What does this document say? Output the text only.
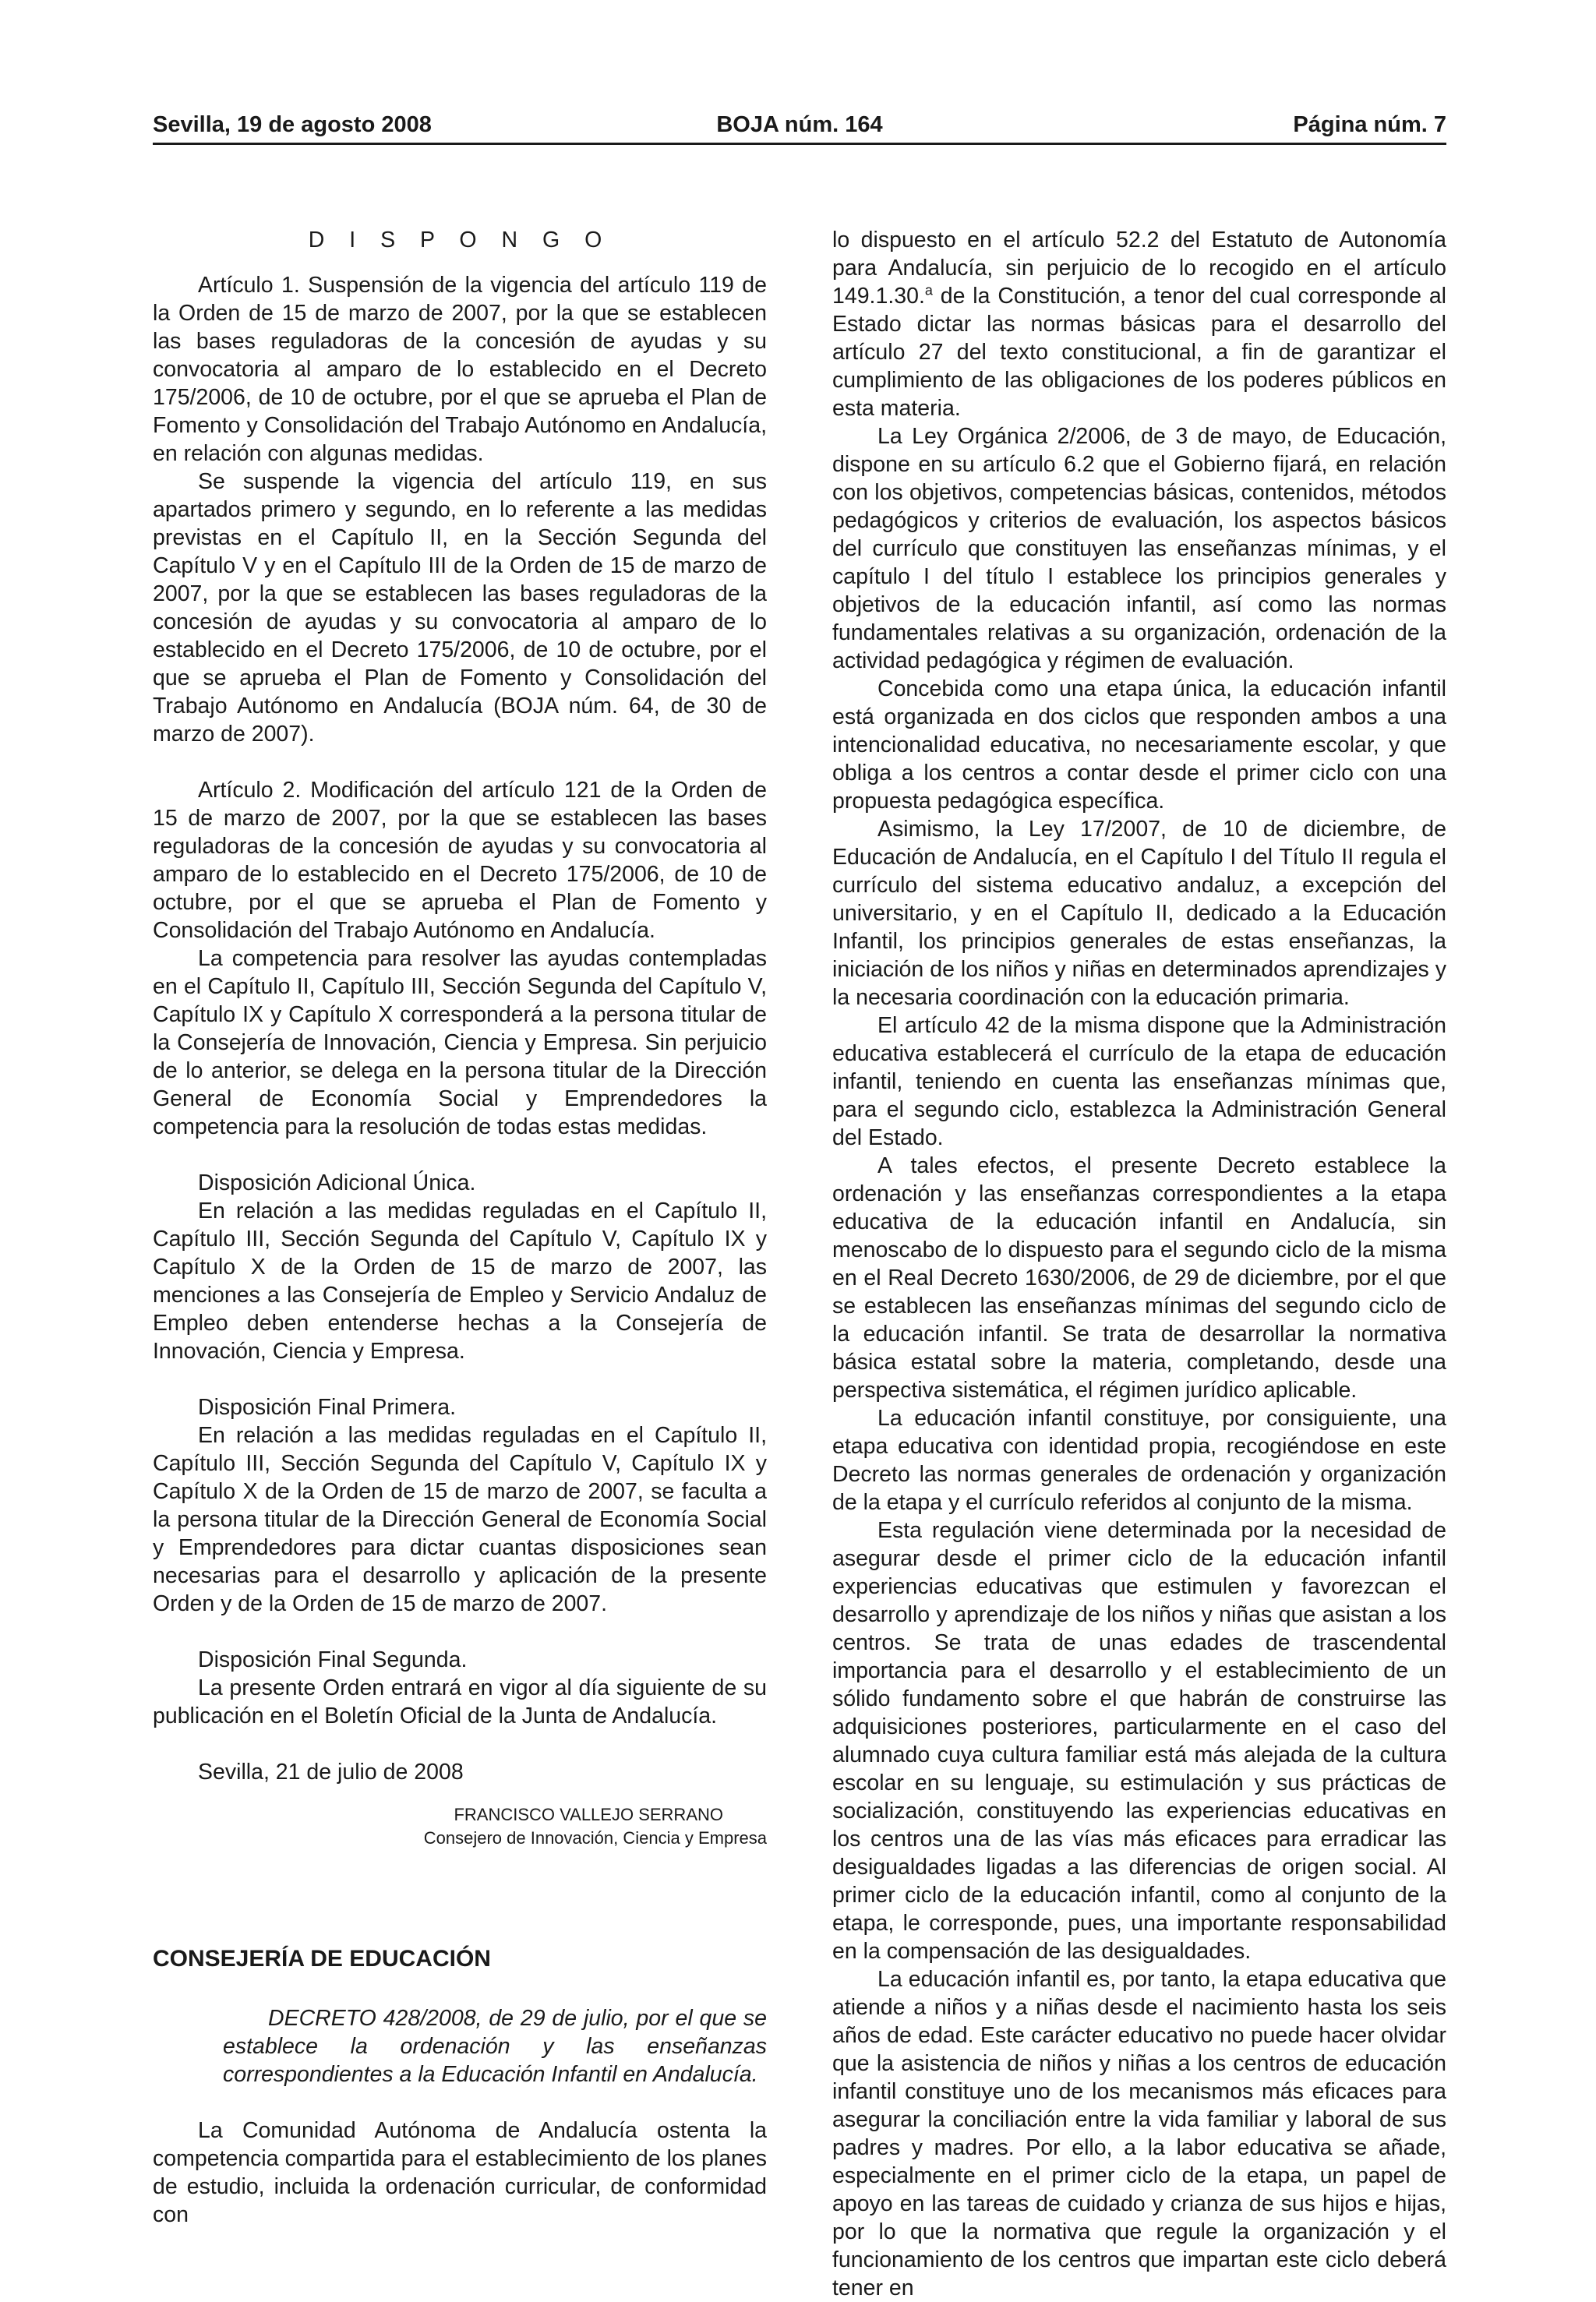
Sevilla, 19 de agosto 2008	BOJA núm. 164	Página núm. 7

D I S P O N G O

Artículo 1. Suspensión de la vigencia del artículo 119 de la Orden de 15 de marzo de 2007, por la que se establecen las bases reguladoras de la concesión de ayudas y su convocatoria al amparo de lo establecido en el Decreto 175/2006, de 10 de octubre, por el que se aprueba el Plan de Fomento y Consolidación del Trabajo Autónomo en Andalucía, en relación con algunas medidas.

Se suspende la vigencia del artículo 119, en sus apartados primero y segundo, en lo referente a las medidas previstas en el Capítulo II, en la Sección Segunda del Capítulo V y en el Capítulo III de la Orden de 15 de marzo de 2007, por la que se establecen las bases reguladoras de la concesión de ayudas y su convocatoria al amparo de lo establecido en el Decreto 175/2006, de 10 de octubre, por el que se aprueba el Plan de Fomento y Consolidación del Trabajo Autónomo en Andalucía (BOJA núm. 64, de 30 de marzo de 2007).

Artículo 2. Modificación del artículo 121 de la Orden de 15 de marzo de 2007, por la que se establecen las bases reguladoras de la concesión de ayudas y su convocatoria al amparo de lo establecido en el Decreto 175/2006, de 10 de octubre, por el que se aprueba el Plan de Fomento y Consolidación del Trabajo Autónomo en Andalucía.

La competencia para resolver las ayudas contempladas en el Capítulo II, Capítulo III, Sección Segunda del Capítulo V, Capítulo IX y Capítulo X corresponderá a la persona titular de la Consejería de Innovación, Ciencia y Empresa. Sin perjuicio de lo anterior, se delega en la persona titular de la Dirección General de Economía Social y Emprendedores la competencia para la resolución de todas estas medidas.

Disposición Adicional Única.

En relación a las medidas reguladas en el Capítulo II, Capítulo III, Sección Segunda del Capítulo V, Capítulo IX y Capítulo X de la Orden de 15 de marzo de 2007, las menciones a las Consejería de Empleo y Servicio Andaluz de Empleo deben entenderse hechas a la Consejería de Innovación, Ciencia y Empresa.

Disposición Final Primera.

En relación a las medidas reguladas en el Capítulo II, Capítulo III, Sección Segunda del Capítulo V, Capítulo IX y Capítulo X de la Orden de 15 de marzo de 2007, se faculta a la persona titular de la Dirección General de Economía Social y Emprendedores para dictar cuantas disposiciones sean necesarias para el desarrollo y aplicación de la presente Orden y de la Orden de 15 de marzo de 2007.

Disposición Final Segunda.

La presente Orden entrará en vigor al día siguiente de su publicación en el Boletín Oficial de la Junta de Andalucía.

Sevilla, 21 de julio de 2008

FRANCISCO VALLEJO SERRANO

Consejero de Innovación, Ciencia y Empresa

CONSEJERÍA DE EDUCACIÓN

DECRETO 428/2008, de 29 de julio, por el que se establece la ordenación y las enseñanzas correspondientes a la Educación Infantil en Andalucía.

La Comunidad Autónoma de Andalucía ostenta la competencia compartida para el establecimiento de los planes de estudio, incluida la ordenación curricular, de conformidad con

lo dispuesto en el artículo 52.2 del Estatuto de Autonomía para Andalucía, sin perjuicio de lo recogido en el artículo 149.1.30.$^a$ de la Constitución, a tenor del cual corresponde al Estado dictar las normas básicas para el desarrollo del artículo 27 del texto constitucional, a fin de garantizar el cumplimiento de las obligaciones de los poderes públicos en esta materia.

La Ley Orgánica 2/2006, de 3 de mayo, de Educación, dispone en su artículo 6.2 que el Gobierno fijará, en relación con los objetivos, competencias básicas, contenidos, métodos pedagógicos y criterios de evaluación, los aspectos básicos del currículo que constituyen las enseñanzas mínimas, y el capítulo I del título I establece los principios generales y objetivos de la educación infantil, así como las normas fundamentales relativas a su organización, ordenación de la actividad pedagógica y régimen de evaluación.

Concebida como una etapa única, la educación infantil está organizada en dos ciclos que responden ambos a una intencionalidad educativa, no necesariamente escolar, y que obliga a los centros a contar desde el primer ciclo con una propuesta pedagógica específica.

Asimismo, la Ley 17/2007, de 10 de diciembre, de Educación de Andalucía, en el Capítulo I del Título II regula el currículo del sistema educativo andaluz, a excepción del universitario, y en el Capítulo II, dedicado a la Educación Infantil, los principios generales de estas enseñanzas, la iniciación de los niños y niñas en determinados aprendizajes y la necesaria coordinación con la educación primaria.

El artículo 42 de la misma dispone que la Administración educativa establecerá el currículo de la etapa de educación infantil, teniendo en cuenta las enseñanzas mínimas que, para el segundo ciclo, establezca la Administración General del Estado.

A tales efectos, el presente Decreto establece la ordenación y las enseñanzas correspondientes a la etapa educativa de la educación infantil en Andalucía, sin menoscabo de lo dispuesto para el segundo ciclo de la misma en el Real Decreto 1630/2006, de 29 de diciembre, por el que se establecen las enseñanzas mínimas del segundo ciclo de la educación infantil. Se trata de desarrollar la normativa básica estatal sobre la materia, completando, desde una perspectiva sistemática, el régimen jurídico aplicable.

La educación infantil constituye, por consiguiente, una etapa educativa con identidad propia, recogiéndose en este Decreto las normas generales de ordenación y organización de la etapa y el currículo referidos al conjunto de la misma.

Esta regulación viene determinada por la necesidad de asegurar desde el primer ciclo de la educación infantil experiencias educativas que estimulen y favorezcan el desarrollo y aprendizaje de los niños y niñas que asistan a los centros. Se trata de unas edades de trascendental importancia para el desarrollo y el establecimiento de un sólido fundamento sobre el que habrán de construirse las adquisiciones posteriores, particularmente en el caso del alumnado cuya cultura familiar está más alejada de la cultura escolar en su lenguaje, su estimulación y sus prácticas de socialización, constituyendo las experiencias educativas en los centros una de las vías más eficaces para erradicar las desigualdades ligadas a las diferencias de origen social. Al primer ciclo de la educación infantil, como al conjunto de la etapa, le corresponde, pues, una importante responsabilidad en la compensación de las desigualdades.

La educación infantil es, por tanto, la etapa educativa que atiende a niños y a niñas desde el nacimiento hasta los seis años de edad. Este carácter educativo no puede hacer olvidar que la asistencia de niños y niñas a los centros de educación infantil constituye uno de los mecanismos más eficaces para asegurar la conciliación entre la vida familiar y laboral de sus padres y madres. Por ello, a la labor educativa se añade, especialmente en el primer ciclo de la etapa, un papel de apoyo en las tareas de cuidado y crianza de sus hijos e hijas, por lo que la normativa que regule la organización y el funcionamiento de los centros que impartan este ciclo deberá tener en
